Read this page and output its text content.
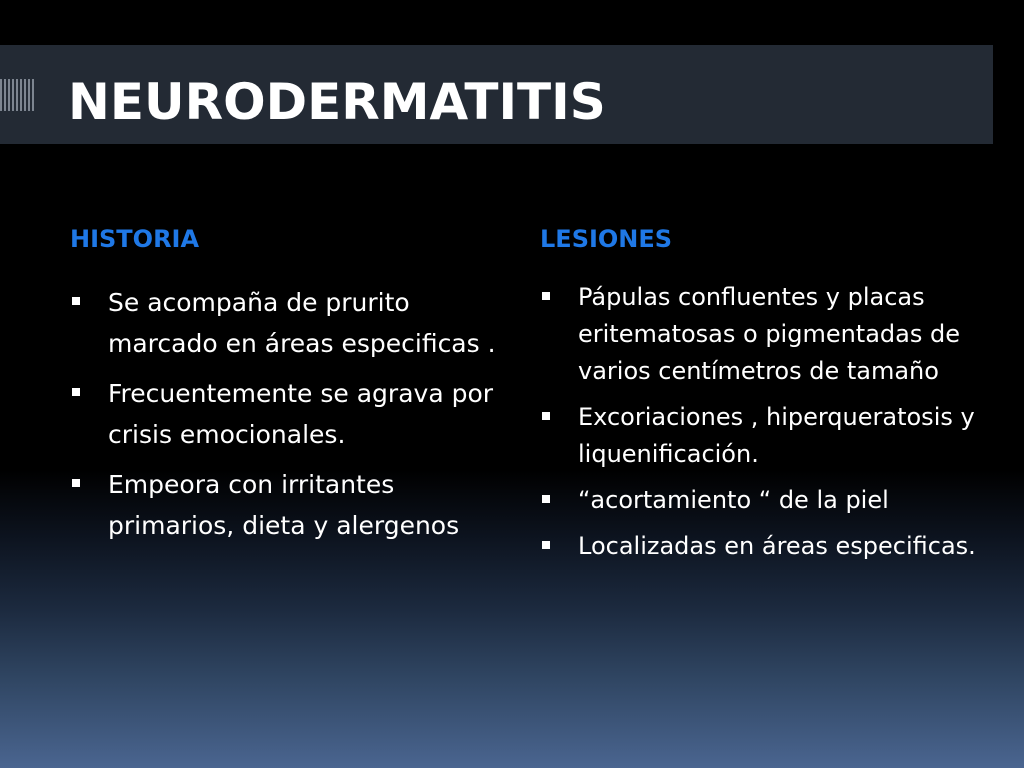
NEURODERMATITIS
HISTORIA	LESIONES
Se acompaña de prurito marcado en áreas especificas .
Frecuentemente se agrava por crisis emocionales.
Empeora con irritantes primarios, dieta y alergenos
Pápulas confluentes y placas eritematosas o pigmentadas de varios centímetros de tamaño
Excoriaciones , hiperqueratosis y liquenificación.
“acortamiento “ de la piel
Localizadas en áreas especificas.
